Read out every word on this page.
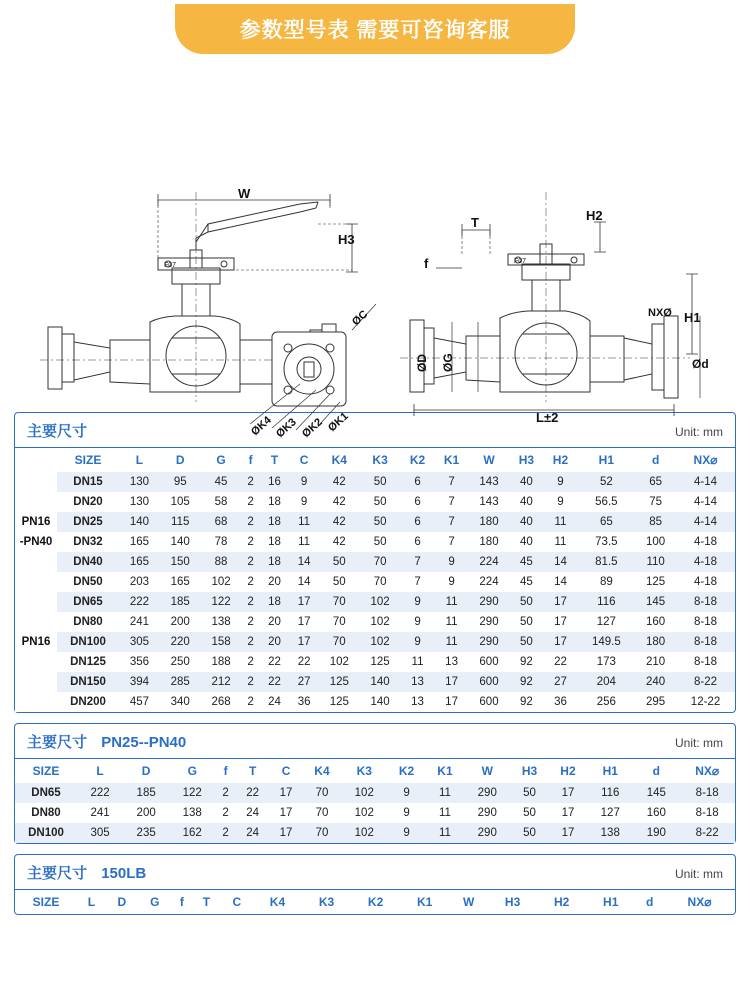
参数型号表 需要可咨询客服
W
H3
T
f
H2
H1
NXØ
Ød
L±2
ØD ØG
ØK4 ØK3 ØK2 ØK1
ØC
F07
F07
主要尺寸	Unit: mm
	SIZE	L	D	G	f	T	C	K4	K3	K2	K1	W	H3	H2	H1	d	NX⌀
	DN15	130	95	45	2	16	9	42	50	6	7	143	40	9	52	65	4-14
	DN20	130	105	58	2	18	9	42	50	6	7	143	40	9	56.5	75	4-14
PN16	DN25	140	115	68	2	18	11	42	50	6	7	180	40	11	65	85	4-14
-PN40	DN32	165	140	78	2	18	11	42	50	6	7	180	40	11	73.5	100	4-18
	DN40	165	150	88	2	18	14	50	70	7	9	224	45	14	81.5	110	4-18
	DN50	203	165	102	2	20	14	50	70	7	9	224	45	14	89	125	4-18
	DN65	222	185	122	2	18	17	70	102	9	11	290	50	17	116	145	8-18
	DN80	241	200	138	2	20	17	70	102	9	11	290	50	17	127	160	8-18
PN16	DN100	305	220	158	2	20	17	70	102	9	11	290	50	17	149.5	180	8-18
	DN125	356	250	188	2	22	22	102	125	11	13	600	92	22	173	210	8-18
	DN150	394	285	212	2	22	27	125	140	13	17	600	92	27	204	240	8-22
	DN200	457	340	268	2	24	36	125	140	13	17	600	92	36	256	295	12-22
主要尺寸 PN25--PN40	Unit: mm
SIZE	L	D	G	f	T	C	K4	K3	K2	K1	W	H3	H2	H1	d	NX⌀
DN65	222	185	122	2	22	17	70	102	9	11	290	50	17	116	145	8-18
DN80	241	200	138	2	24	17	70	102	9	11	290	50	17	127	160	8-18
DN100	305	235	162	2	24	17	70	102	9	11	290	50	17	138	190	8-22
主要尺寸 150LB	Unit: mm
SIZE	L	D	G	f	T	C	K4	K3	K2	K1	W	H3	H2	H1	d	NX⌀
